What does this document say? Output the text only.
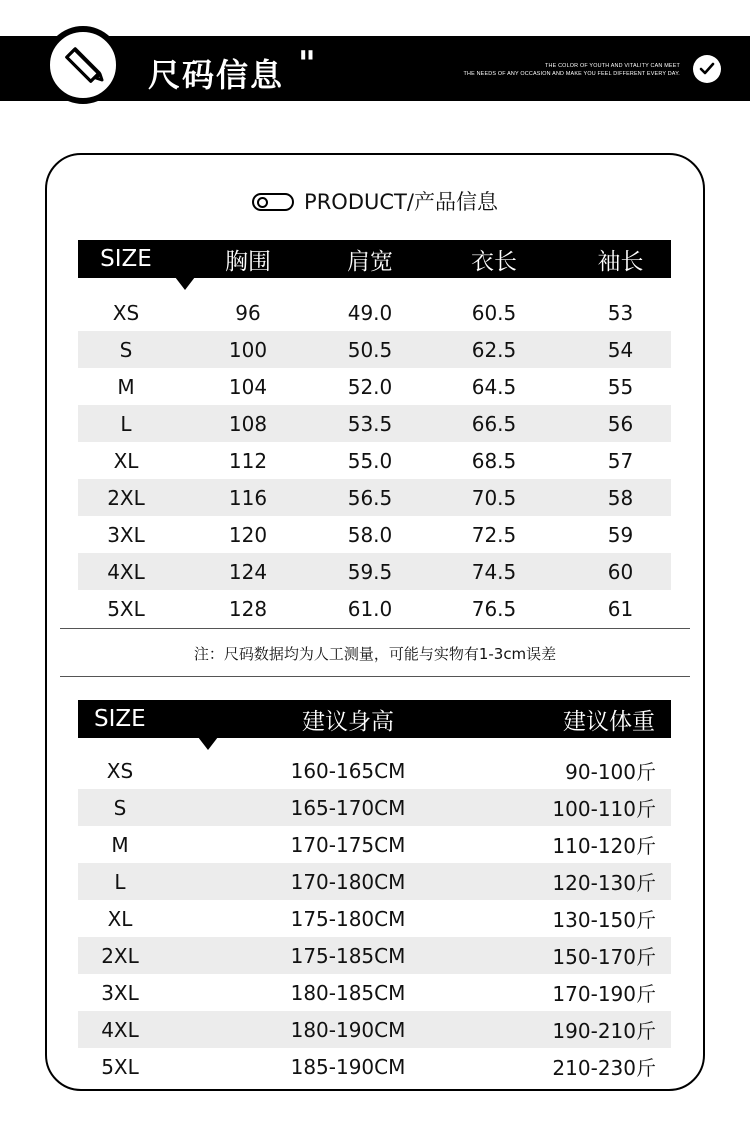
尺码信息 "	THE COLOR OF YOUTH AND VITALITY CAN MEET
THE NEEDS OF ANY OCCASION AND MAKE YOU FEEL DIFFERENT EVERY DAY.
PRODUCT/产品信息
SIZE	胸围	肩宽	衣长	袖长
XS	96	49.0	60.5	53
S	100	50.5	62.5	54
M	104	52.0	64.5	55
L	108	53.5	66.5	56
XL	112	55.0	68.5	57
2XL	116	56.5	70.5	58
3XL	120	58.0	72.5	59
4XL	124	59.5	74.5	60
5XL	128	61.0	76.5	61
注：尺码数据均为人工测量，可能与实物有1-3cm误差
SIZE	建议身高	建议体重
XS	160-165CM	90-100斤
S	165-170CM	100-110斤
M	170-175CM	110-120斤
L	170-180CM	120-130斤
XL	175-180CM	130-150斤
2XL	175-185CM	150-170斤
3XL	180-185CM	170-190斤
4XL	180-190CM	190-210斤
5XL	185-190CM	210-230斤
